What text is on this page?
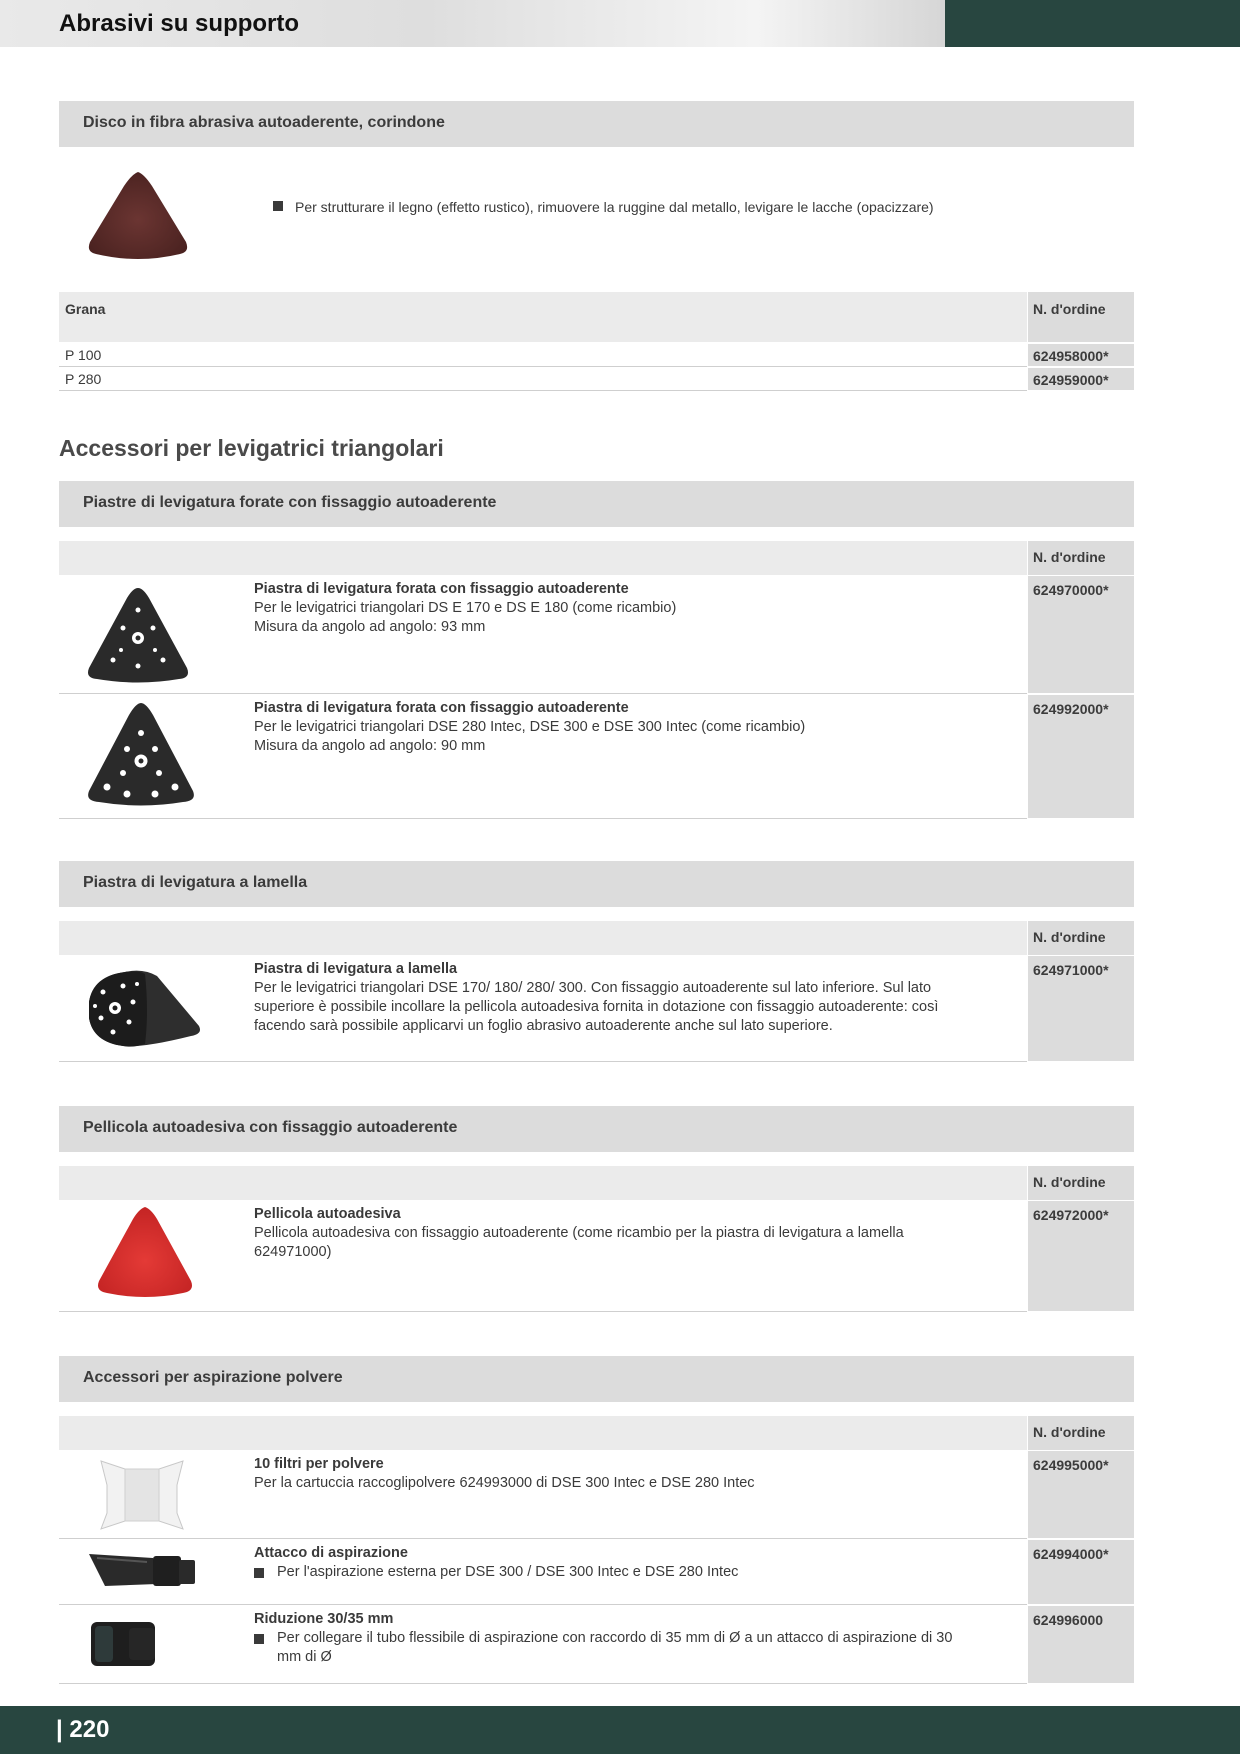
Abrasivi su supporto
Disco in fibra abrasiva autoaderente, corindone
Per strutturare il legno (effetto rustico), rimuovere la ruggine dal metallo, levigare le lacche (opacizzare)
Grana	N. d'ordine
P 100	624958000*
P 280	624959000*
Accessori per levigatrici triangolari
Piastre di levigatura forate con fissaggio autoaderente
N. d'ordine
Piastra di levigatura forata con fissaggio autoaderente
Per le levigatrici triangolari DS E 170 e DS E 180 (come ricambio)
Misura da angolo ad angolo: 93 mm
624970000*
Piastra di levigatura forata con fissaggio autoaderente
Per le levigatrici triangolari DSE 280 Intec, DSE 300 e DSE 300 Intec (come ricambio)
Misura da angolo ad angolo: 90 mm
624992000*
Piastra di levigatura a lamella
N. d'ordine
Piastra di levigatura a lamella
Per le levigatrici triangolari DSE 170/ 180/ 280/ 300. Con fissaggio autoaderente sul lato inferiore. Sul lato superiore è possibile incollare la pellicola autoadesiva fornita in dotazione con fissaggio autoaderente: così facendo sarà possibile applicarvi un foglio abrasivo autoaderente anche sul lato superiore.
624971000*
Pellicola autoadesiva con fissaggio autoaderente
N. d'ordine
Pellicola autoadesiva
Pellicola autoadesiva con fissaggio autoaderente (come ricambio per la piastra di levigatura a lamella 624971000)
624972000*
Accessori per aspirazione polvere
N. d'ordine
10 filtri per polvere
Per la cartuccia raccoglipolvere 624993000 di DSE 300 Intec e DSE 280 Intec
624995000*
Attacco di aspirazione
Per l'aspirazione esterna per DSE 300 / DSE 300 Intec e DSE 280 Intec
624994000*
Riduzione 30/35 mm
Per collegare il tubo flessibile di aspirazione con raccordo di 35 mm di Ø a un attacco di aspirazione di 30 mm di Ø
624996000
| 220
